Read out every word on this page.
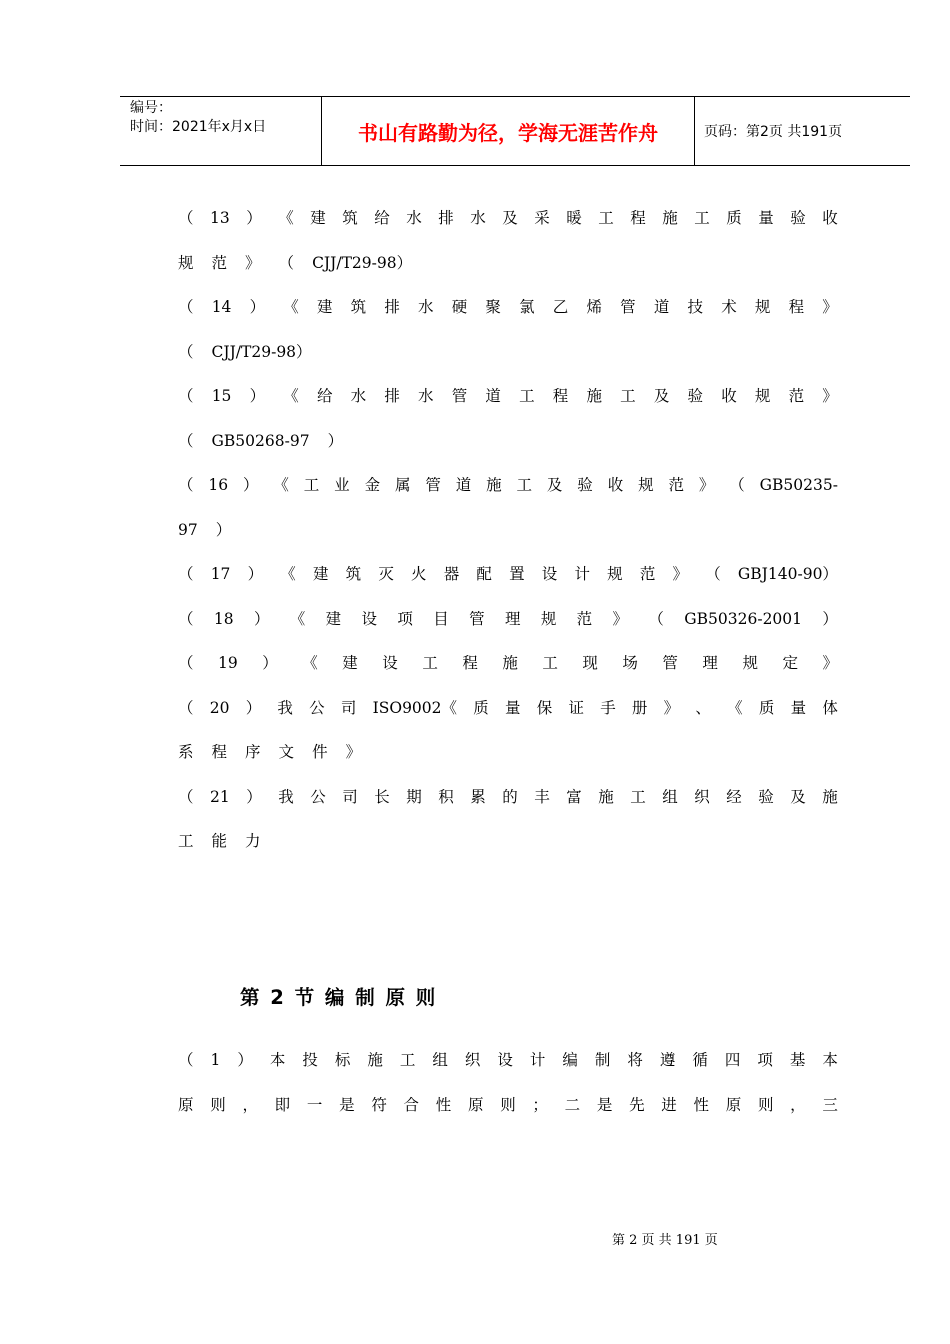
编号：
时间：2021年x月x日	书山有路勤为径，学海无涯苦作舟	页码：第2页 共191页
（ 13 ） 《 建 筑 给 水 排 水 及 采 暖 工 程 施 工 质 量 验 收
规 范 》 （ CJJ/T29-98）
（ 14 ） 《 建 筑 排 水 硬 聚 氯 乙 烯 管 道 技 术 规 程 》
（ CJJ/T29-98）
（ 15 ） 《 给 水 排 水 管 道 工 程 施 工 及 验 收 规 范 》
（ GB50268-97 ）
（ 16 ） 《 工 业 金 属 管 道 施 工 及 验 收 规 范 》 （ GB50235-
97 ）
（ 17 ） 《 建 筑 灭 火 器 配 置 设 计 规 范 》 （ GBJ140-90）
（ 18 ） 《 建 设 项 目 管 理 规 范 》 （ GB50326-2001 ）
（ 19 ） 《 建 设 工 程 施 工 现 场 管 理 规 定 》
（ 20 ） 我 公 司 ISO9002《 质 量 保 证 手 册 》 、 《 质 量 体
系 程 序 文 件 》
（ 21 ） 我 公 司 长 期 积 累 的 丰 富 施 工 组 织 经 验 及 施
工 能 力
第 2 节 编 制 原 则
（ 1 ） 本 投 标 施 工 组 织 设 计 编 制 将 遵 循 四 项 基 本
原 则 ， 即 一 是 符 合 性 原 则 ； 二 是 先 进 性 原 则 ， 三
第 2 页 共 191 页
